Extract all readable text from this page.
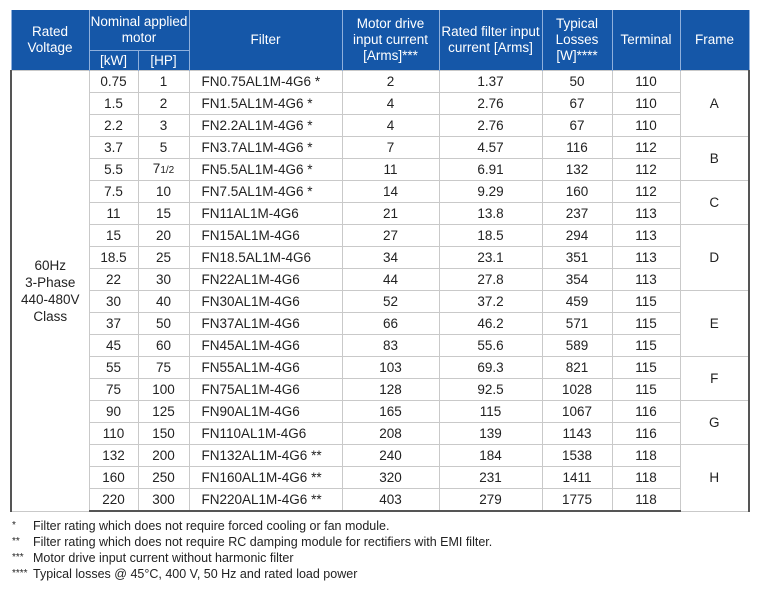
Rated Voltage	Nominal applied motor		Filter	Motor drive input current [Arms]***	Rated filter input current [Arms]	Typical Losses [W]****	Terminal	Frame
	[kW]	[HP]						

60Hz
3-Phase
440-480V
Class	0.75	1	FN0.75AL1M-4G6 *	2	1.37	50	110	A
	1.5	2	FN1.5AL1M-4G6 *	4	2.76	67	110	
	2.2	3	FN2.2AL1M-4G6 *	4	2.76	67	110	
	3.7	5	FN3.7AL1M-4G6 *	7	4.57	116	112	B
	5.5	71/2	FN5.5AL1M-4G6 *	11	6.91	132	112	
	7.5	10	FN7.5AL1M-4G6 *	14	9.29	160	112	C
	11	15	FN11AL1M-4G6	21	13.8	237	113	
	15	20	FN15AL1M-4G6	27	18.5	294	113	D
	18.5	25	FN18.5AL1M-4G6	34	23.1	351	113	
	22	30	FN22AL1M-4G6	44	27.8	354	113	
	30	40	FN30AL1M-4G6	52	37.2	459	115	E
	37	50	FN37AL1M-4G6	66	46.2	571	115	
	45	60	FN45AL1M-4G6	83	55.6	589	115	
	55	75	FN55AL1M-4G6	103	69.3	821	115	F
	75	100	FN75AL1M-4G6	128	92.5	1028	115	
	90	125	FN90AL1M-4G6	165	115	1067	116	G
	110	150	FN110AL1M-4G6	208	139	1143	116	
	132	200	FN132AL1M-4G6 **	240	184	1538	118	H
	160	250	FN160AL1M-4G6 **	320	231	1411	118	
	220	300	FN220AL1M-4G6 **	403	279	1775	118	
*	Filter rating which does not require forced cooling or fan module.
**	Filter rating which does not require RC damping module for rectifiers with EMI filter.
*** Motor drive input current without harmonic filter
**** Typical losses @ 45°C, 400 V, 50 Hz and rated load power
